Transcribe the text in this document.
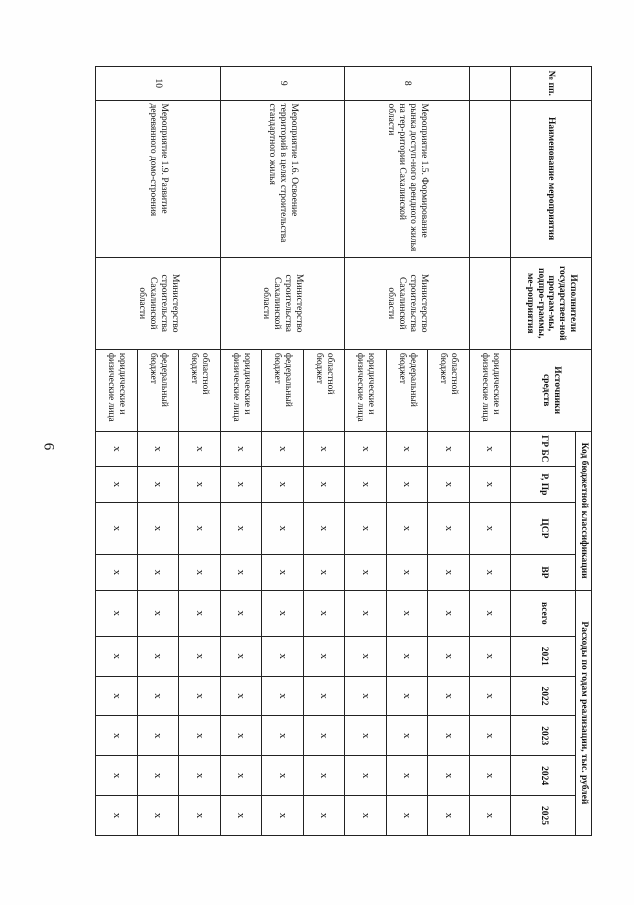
6
№ пп.	Наименование мероприятия	Исполнители государствен-ной програм-мы, подпро-граммы, ме-роприятия	Источники средств	Код бюджетной классификации				Расходы по годам реализации, тыс. рублей					
				ГР БС	Р, Пр	ЦСР	ВР	всего	2021	2022	2023	2024	2025
			юридические и физические лица	х	х	х	х	х	х	х	х	х	х
8	Мероприятие 1.5. Формирование рынка доступ-ного арендного жилья на тер-ритории Сахалинской области	Министерство строительства Сахалинской области	областной бюджет	х	х	х	х	х	х	х	х	х	х
			федеральный бюджет	х	х	х	х	х	х	х	х	х	х
			юридические и физические лица	х	х	х	х	х	х	х	х	х	х
9	Мероприятие 1.6. Освоение территорий в целях строительства стандартного жилья	Министерство строительства Сахалинской области	областной бюджет	х	х	х	х	х	х	х	х	х	х
			федеральный бюджет	х	х	х	х	х	х	х	х	х	х
			юридические и физические лица	х	х	х	х	х	х	х	х	х	х
10	Мероприятие 1.9. Развитие деревянного домо-строения	Министерство строительства Сахалинской области	областной бюджет	х	х	х	х	х	х	х	х	х	х
			федеральный бюджет	х	х	х	х	х	х	х	х	х	х
			юридические и физические лица	х	х	х	х	х	х	х	х	х	х
